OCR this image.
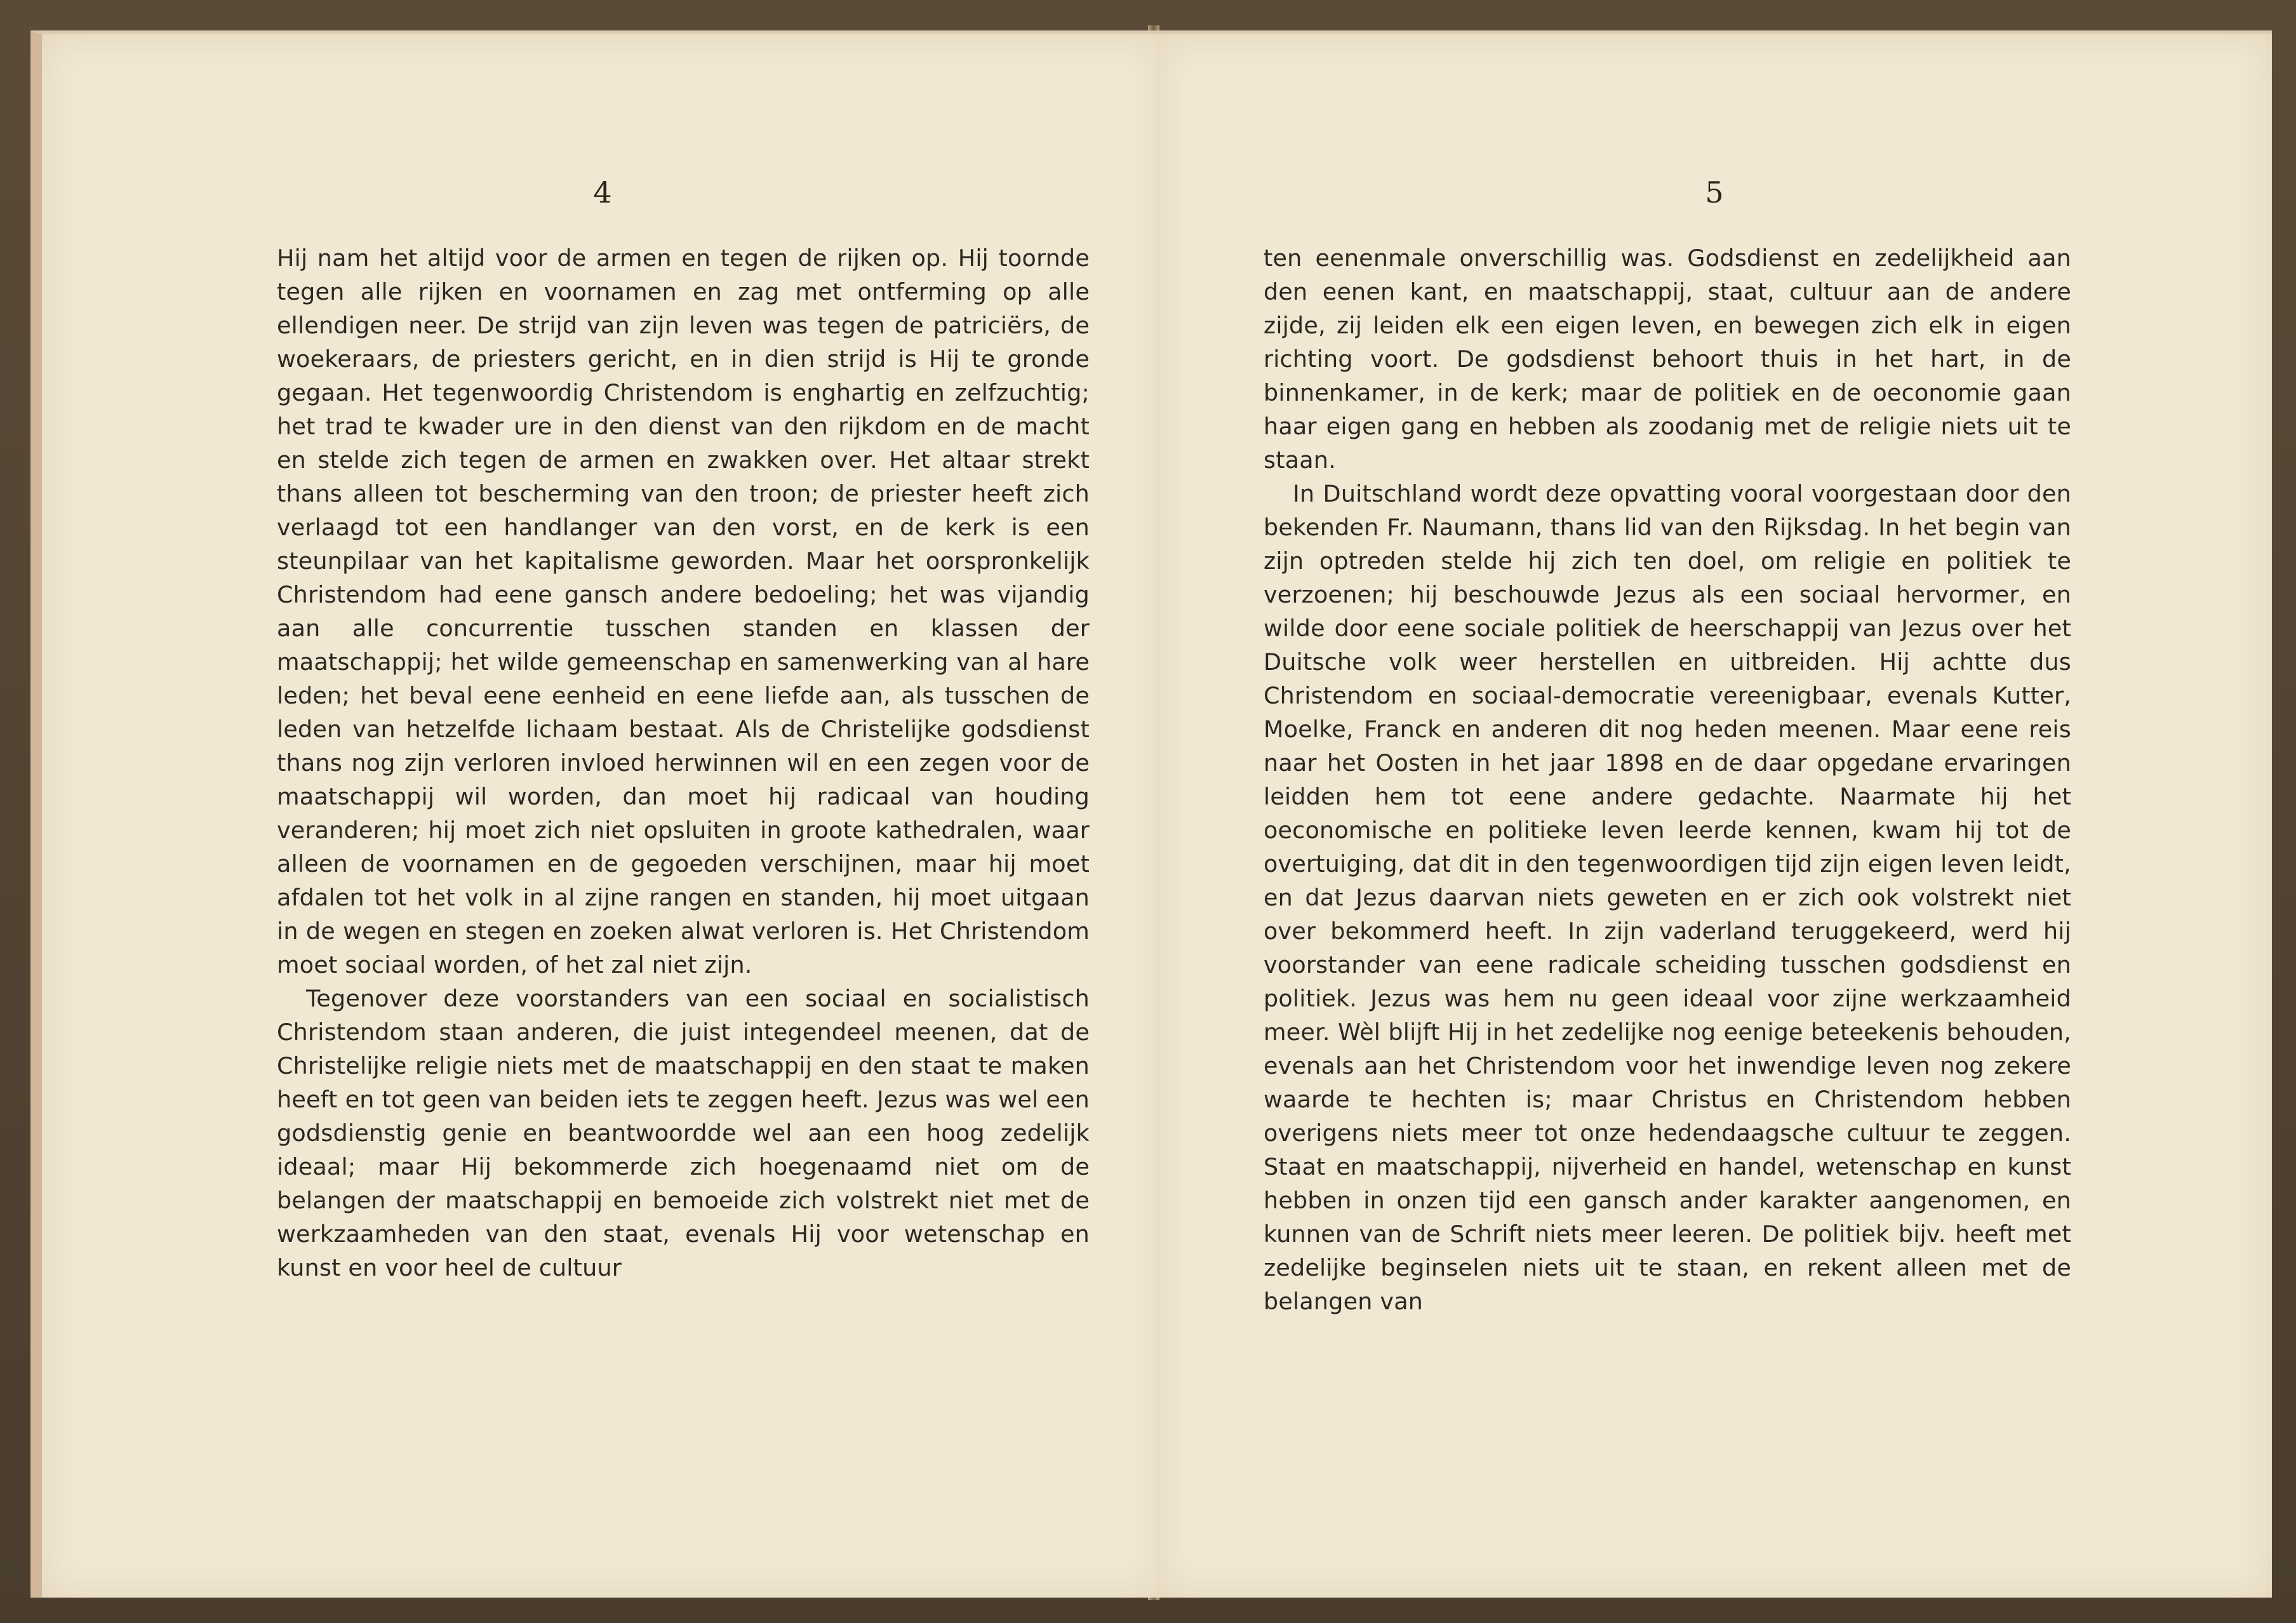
4

Hij nam het altijd voor de armen en tegen de rijken op. Hij toornde tegen alle rijken en voornamen en zag met ontferming op alle ellendigen neer. De strijd van zijn leven was tegen de patriciërs, de woekeraars, de priesters gericht, en in dien strijd is Hij te gronde gegaan. Het tegenwoordig Christendom is enghartig en zelfzuchtig; het trad te kwader ure in den dienst van den rijkdom en de macht en stelde zich tegen de armen en zwakken over. Het altaar strekt thans alleen tot bescherming van den troon; de priester heeft zich verlaagd tot een handlanger van den vorst, en de kerk is een steunpilaar van het kapitalisme geworden. Maar het oorspronkelijk Christendom had eene gansch andere bedoeling; het was vijandig aan alle concurrentie tusschen standen en klassen der maatschappij; het wilde gemeenschap en samenwerking van al hare leden; het beval eene eenheid en eene liefde aan, als tusschen de leden van hetzelfde lichaam bestaat. Als de Christelijke godsdienst thans nog zijn verloren invloed herwinnen wil en een zegen voor de maatschappij wil worden, dan moet hij radicaal van houding veranderen; hij moet zich niet opsluiten in groote kathedralen, waar alleen de voornamen en de gegoeden verschijnen, maar hij moet afdalen tot het volk in al zijne rangen en standen, hij moet uitgaan in de wegen en stegen en zoeken alwat verloren is. Het Christendom moet sociaal worden, of het zal niet zijn.

Tegenover deze voorstanders van een sociaal en socialistisch Christendom staan anderen, die juist integendeel meenen, dat de Christelijke religie niets met de maatschappij en den staat te maken heeft en tot geen van beiden iets te zeggen heeft. Jezus was wel een godsdienstig genie en beantwoordde wel aan een hoog zedelijk ideaal; maar Hij bekommerde zich hoegenaamd niet om de belangen der maatschappij en bemoeide zich volstrekt niet met de werkzaamheden van den staat, evenals Hij voor wetenschap en kunst en voor heel de cultuur

5

ten eenenmale onverschillig was. Godsdienst en zedelijkheid aan den eenen kant, en maatschappij, staat, cultuur aan de andere zijde, zij leiden elk een eigen leven, en bewegen zich elk in eigen richting voort. De godsdienst behoort thuis in het hart, in de binnenkamer, in de kerk; maar de politiek en de oeconomie gaan haar eigen gang en hebben als zoodanig met de religie niets uit te staan.

In Duitschland wordt deze opvatting vooral voorgestaan door den bekenden Fr. Naumann, thans lid van den Rijksdag. In het begin van zijn optreden stelde hij zich ten doel, om religie en politiek te verzoenen; hij beschouwde Jezus als een sociaal hervormer, en wilde door eene sociale politiek de heerschappij van Jezus over het Duitsche volk weer herstellen en uitbreiden. Hij achtte dus Christendom en sociaal-democratie vereenigbaar, evenals Kutter, Moelke, Franck en anderen dit nog heden meenen. Maar eene reis naar het Oosten in het jaar 1898 en de daar opgedane ervaringen leidden hem tot eene andere gedachte. Naarmate hij het oeconomische en politieke leven leerde kennen, kwam hij tot de overtuiging, dat dit in den tegenwoordigen tijd zijn eigen leven leidt, en dat Jezus daarvan niets geweten en er zich ook volstrekt niet over bekommerd heeft. In zijn vaderland teruggekeerd, werd hij voorstander van eene radicale scheiding tusschen godsdienst en politiek. Jezus was hem nu geen ideaal voor zijne werkzaamheid meer. Wèl blijft Hij in het zedelijke nog eenige beteekenis behouden, evenals aan het Christendom voor het inwendige leven nog zekere waarde te hechten is; maar Christus en Christendom hebben overigens niets meer tot onze hedendaagsche cultuur te zeggen. Staat en maatschappij, nijverheid en handel, wetenschap en kunst hebben in onzen tijd een gansch ander karakter aangenomen, en kunnen van de Schrift niets meer leeren. De politiek bijv. heeft met zedelijke beginselen niets uit te staan, en rekent alleen met de belangen van
